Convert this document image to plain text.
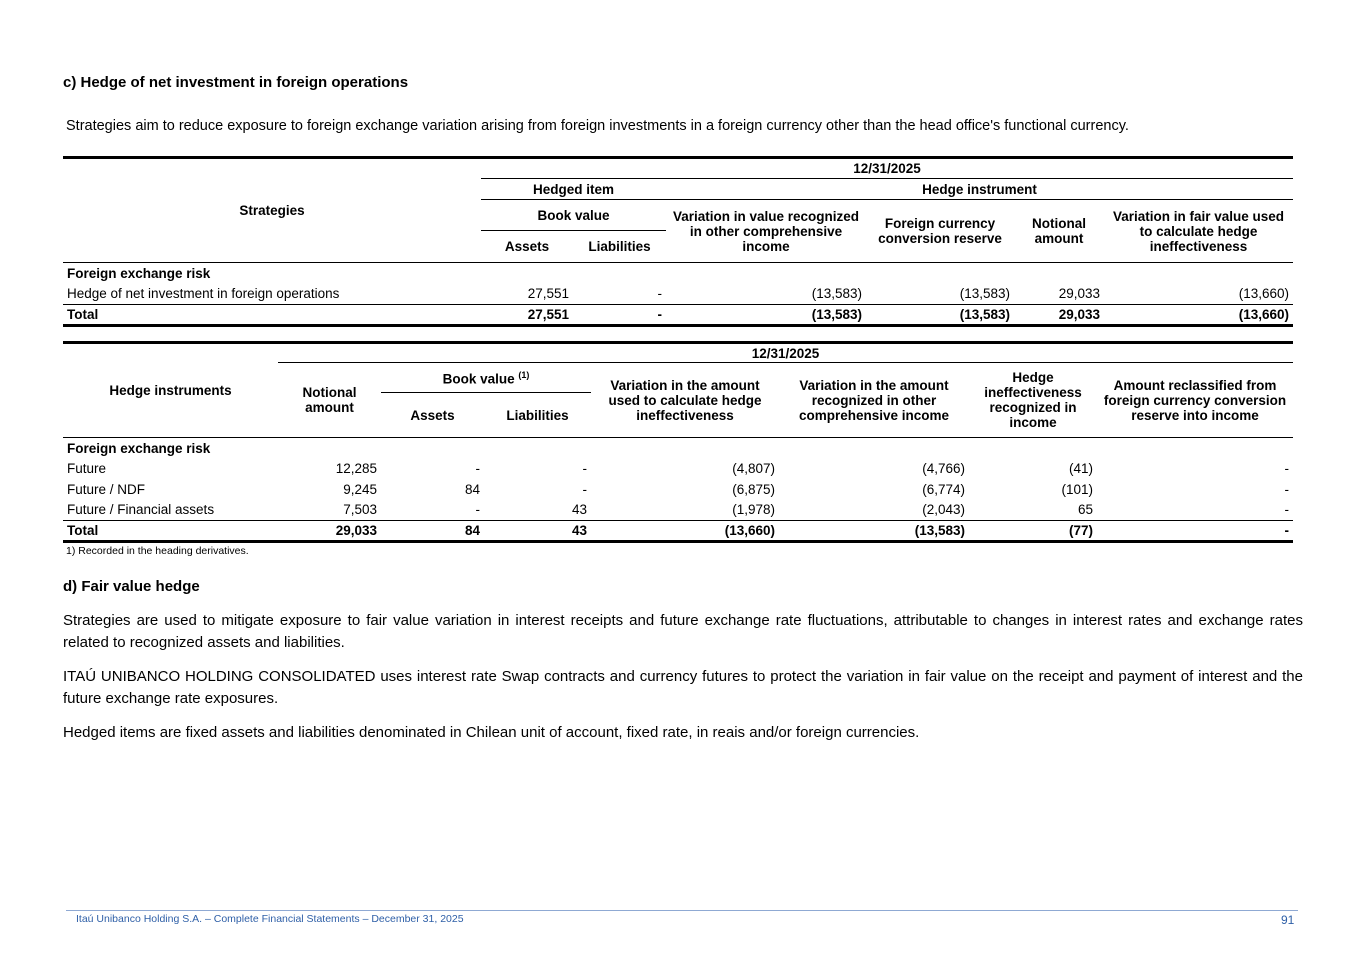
c) Hedge of net investment in foreign operations
Strategies aim to reduce exposure to foreign exchange variation arising from foreign investments in a foreign currency other than the head office's functional currency.
Strategies	12/31/2025					
	Hedged item		Hedge instrument			
	Book value		Variation in value recognized in other comprehensive income	Foreign currency conversion reserve	Notional amount	Variation in fair value used to calculate hedge ineffectiveness
	Assets	Liabilities				
Foreign exchange risk						
Hedge of net investment in foreign operations	27,551	-	(13,583)	(13,583)	29,033	(13,660)
Total	27,551	-	(13,583)	(13,583)	29,033	(13,660)
Hedge instruments	12/31/2025						
	Notional amount	Book value $^{(1)}$		Variation in the amount used to calculate hedge ineffectiveness	Variation in the amount recognized in other comprehensive income	Hedge ineffectiveness recognized in income	Amount reclassified from foreign currency conversion reserve into income
		Assets	Liabilities				
Foreign exchange risk							
Future	12,285	-	-	(4,807)	(4,766)	(41)	-
Future / NDF	9,245	84	-	(6,875)	(6,774)	(101)	-
Future / Financial assets	7,503	-	43	(1,978)	(2,043)	65	-
Total	29,033	84	43	(13,660)	(13,583)	(77)	-
1) Recorded in the heading derivatives.
d) Fair value hedge
Strategies are used to mitigate exposure to fair value variation in interest receipts and future exchange rate fluctuations, attributable to changes in interest rates and exchange rates related to recognized assets and liabilities.
ITAÚ UNIBANCO HOLDING CONSOLIDATED uses interest rate Swap contracts and currency futures to protect the variation in fair value on the receipt and payment of interest and the future exchange rate exposures.
Hedged items are fixed assets and liabilities denominated in Chilean unit of account, fixed rate, in reais and/or foreign currencies.
Itaú Unibanco Holding S.A. – Complete Financial Statements – December 31, 2025	91
